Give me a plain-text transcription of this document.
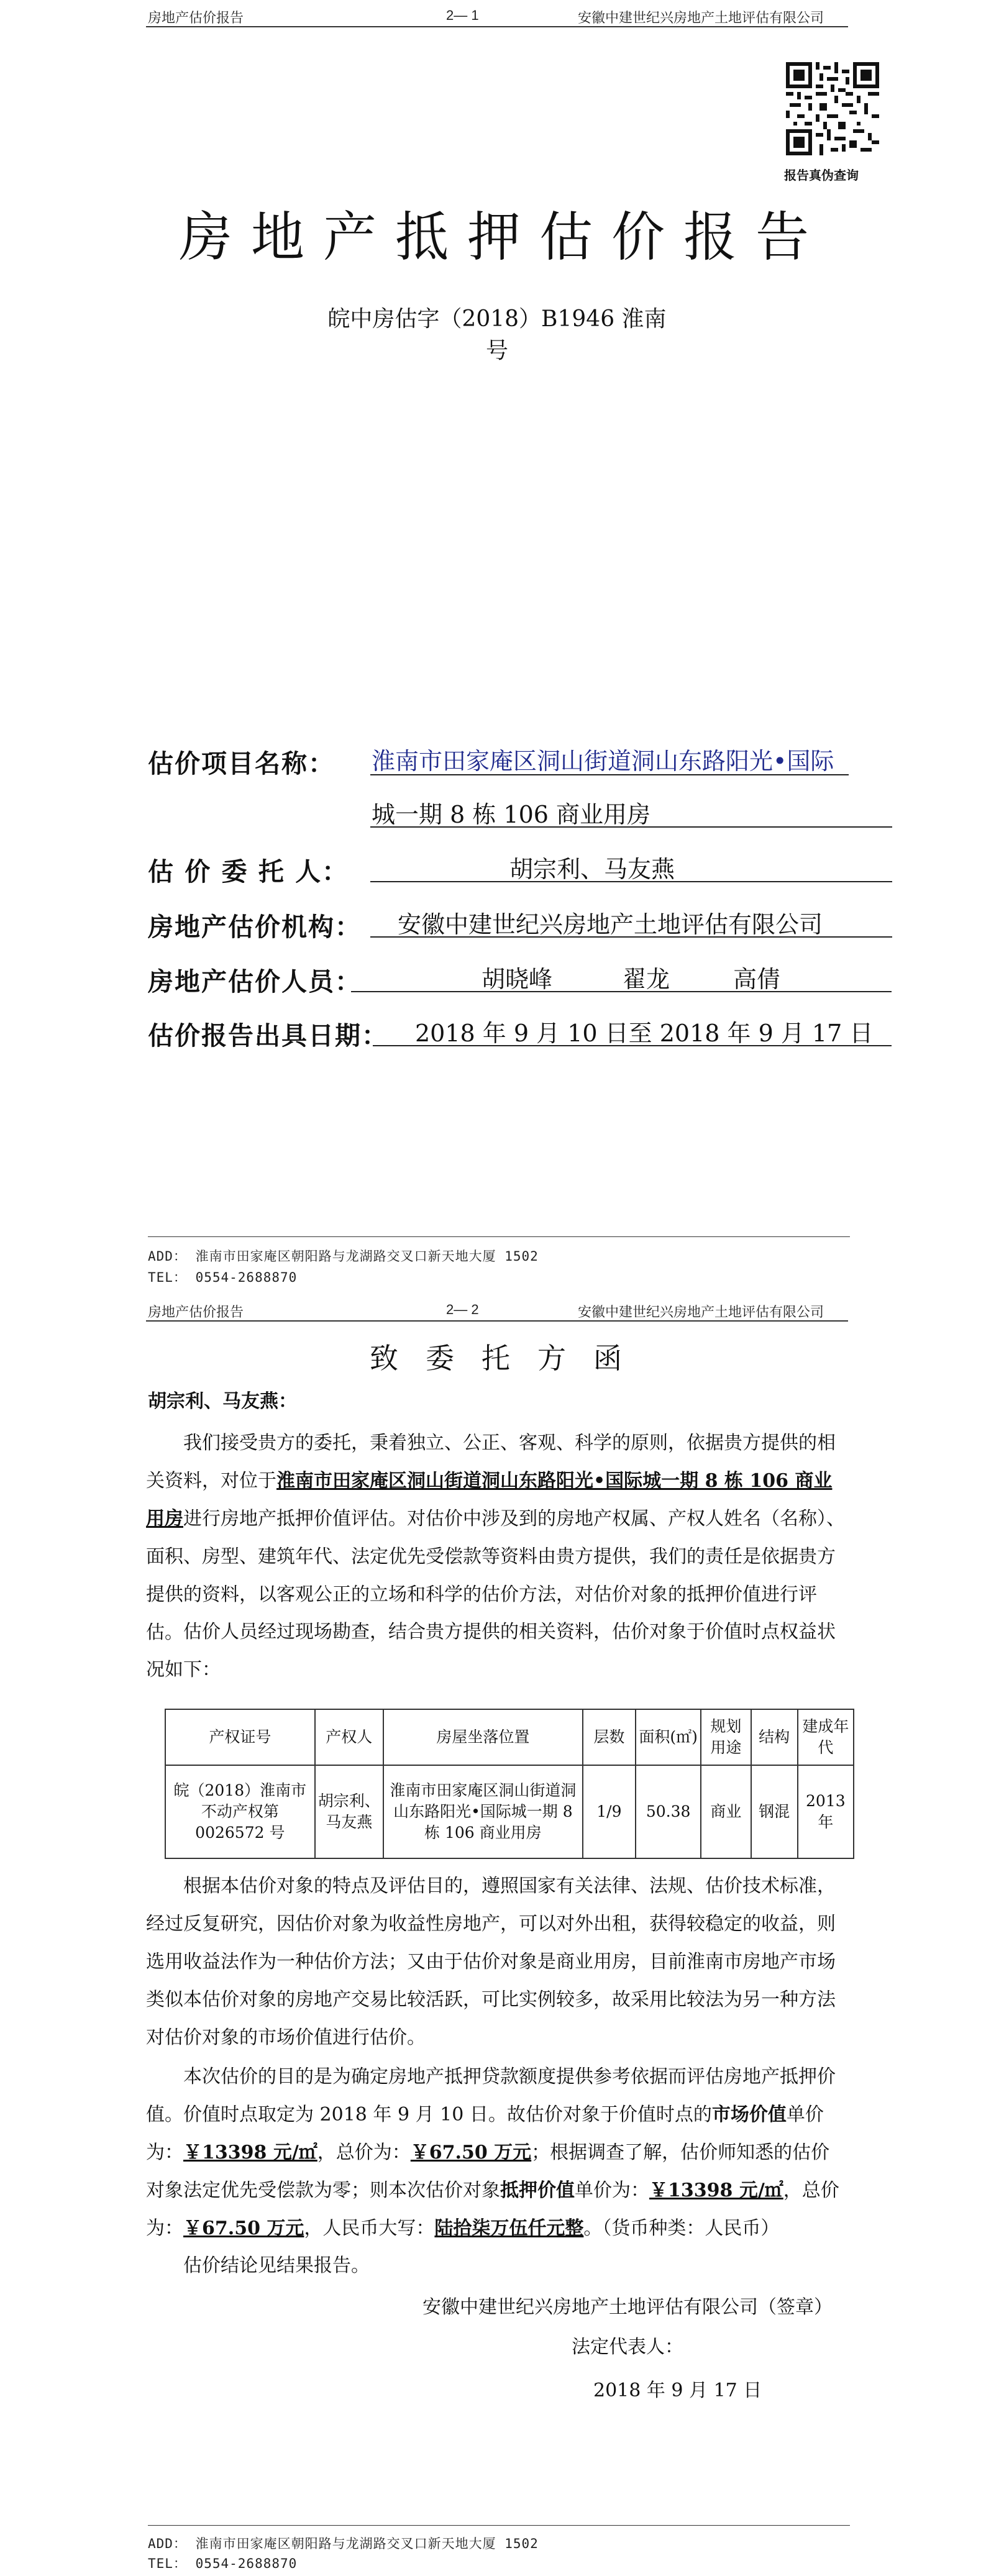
房地产估价报告	2— 1	安徽中建世纪兴房地产土地评估有限公司
报告真伪查询
房地产抵押估价报告
皖中房估字（2018）B1946 淮南号
估价项目名称： 淮南市田家庵区洞山街道洞山东路阳光•国际
城一期 8 栋 106 商业用房
估 价 委 托 人：	胡宗利、马友燕
房地产估价机构： 安徽中建世纪兴房地产土地评估有限公司
房地产估价人员：	胡晓峰	翟龙	高倩
估价报告出具日期： 2018 年 9 月 10 日至 2018 年 9 月 17 日
ADD： 淮南市田家庵区朝阳路与龙湖路交叉口新天地大厦 1502
TEL： 0554-2688870
房地产估价报告	2— 2	安徽中建世纪兴房地产土地评估有限公司
致委托方函
胡宗利、马友燕：
我们接受贵方的委托，秉着独立、公正、客观、科学的原则，依据贵方提供的相关资料，对位于淮南市田家庵区洞山街道洞山东路阳光•国际城一期 8 栋 106 商业用房进行房地产抵押价值评估。对估价中涉及到的房地产权属、产权人姓名（名称）、面积、房型、建筑年代、法定优先受偿款等资料由贵方提供，我们的责任是依据贵方提供的资料，以客观公正的立场和科学的估价方法，对估价对象的抵押价值进行评估。 估价人员经过现场勘查，结合贵方提供的相关资料，估价对象于价值时点权益状况如下：
产权证号	产权人	房屋坐落位置	层数	面积(㎡)	规划用途	结构	建成年代
皖（2018）淮南市不动产权第0026572 号	胡宗利、马友燕	淮南市田家庵区洞山街道洞山东路阳光•国际城一期 8 栋 106 商业用房	1/9	50.38	商业	钢混	2013 年
根据本估价对象的特点及评估目的，遵照国家有关法律、法规、估价技术标准，经过反复研究，因估价对象为收益性房地产，可以对外出租，获得较稳定的收益，则选用收益法作为一种估价方法；又由于估价对象是商业用房，目前淮南市房地产市场类似本估价对象的房地产交易比较活跃，可比实例较多，故采用比较法为另一种方法对估价对象的市场价值进行估价。
本次估价的目的是为确定房地产抵押贷款额度提供参考依据而评估房地产抵押价值。价值时点取定为 2018 年 9 月 10 日。故估价对象于价值时点的市场价值单价为：￥13398 元/㎡，总价为：￥67.50 万元；根据调查了解，估价师知悉的估价对象法定优先受偿款为零；则本次估价对象抵押价值单价为：￥13398 元/㎡，总价为：￥67.50 万元，人民币大写：陆拾柒万伍仟元整。（货币种类：人民币）
估价结论见结果报告。
安徽中建世纪兴房地产土地评估有限公司（签章）
法定代表人：
2018 年 9 月 17 日
ADD： 淮南市田家庵区朝阳路与龙湖路交叉口新天地大厦 1502
TEL： 0554-2688870
